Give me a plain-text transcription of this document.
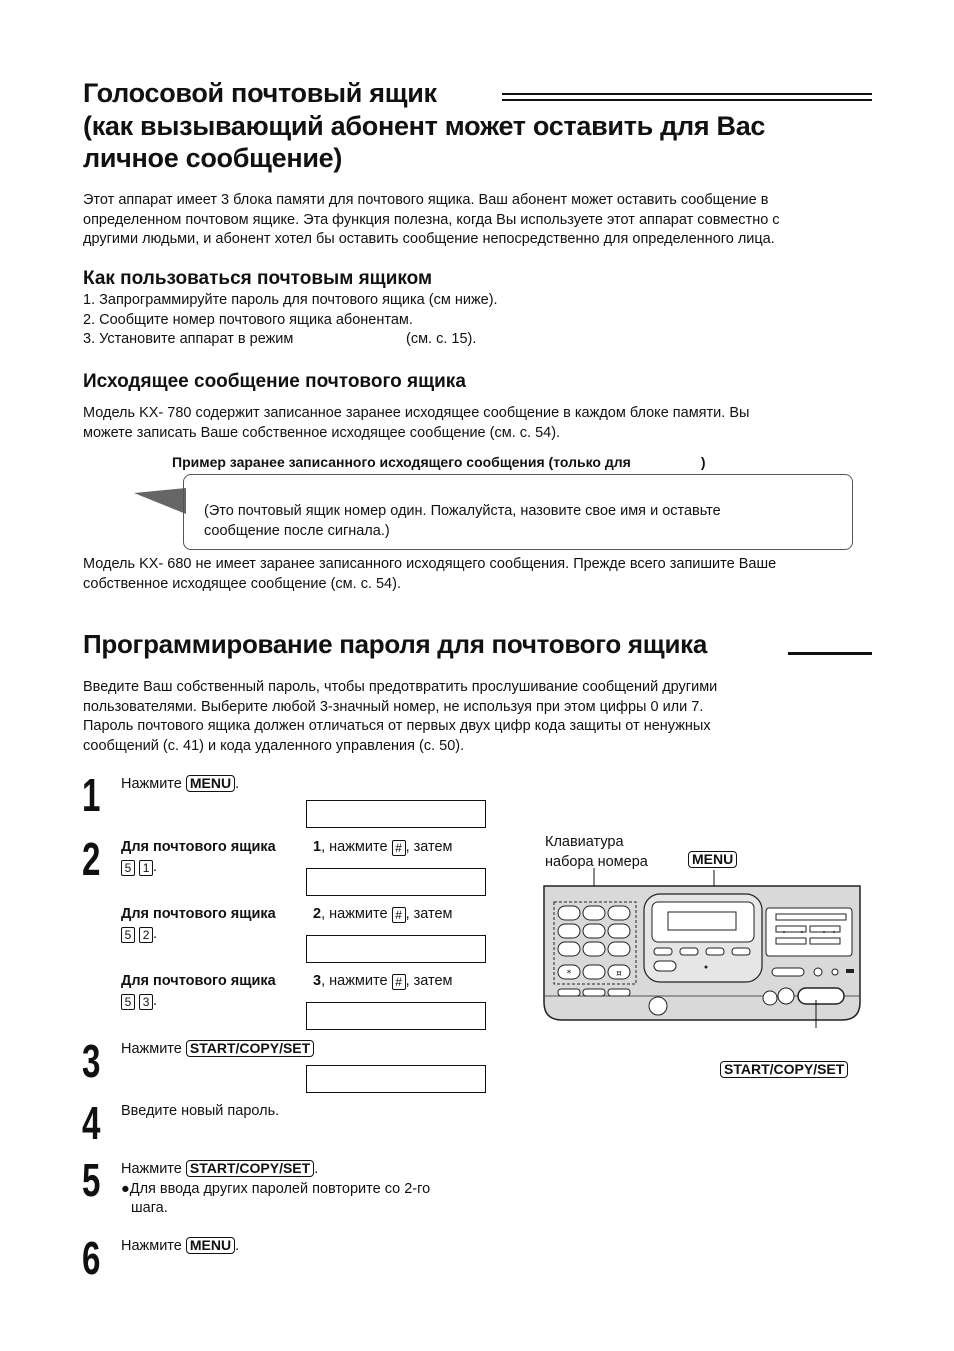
Голосовой почтовый ящик
(как вызывающий абонент может оставить для Вас
личное сообщение)
Этот аппарат имеет 3 блока памяти для почтового ящика. Ваш абонент может оставить сообщение в
определенном почтовом ящике. Эта функция полезна, когда Вы используете этот аппарат совместно с
другими людьми, и абонент хотел бы оставить сообщение непосредственно для определенного лица.
Как пользоваться почтовым ящиком
1. Запрограммируйте пароль для почтового ящика (см ниже).
2. Сообщите номер почтового ящика абонентам.
3. Установите аппарат в режим	(см. с. 15).
Исходящее сообщение почтового ящика
Модель KX- 780 содержит записанное заранее исходящее сообщение в каждом блоке памяти. Вы
можете записать Ваше собственное исходящее сообщение (см. с. 54).
Пример заранее записанного исходящего сообщения (только для	)
(Это почтовый ящик номер один. Пожалуйста, назовите свое имя и оставьте
сообщение после сигнала.)
Модель KX- 680 не имеет заранее записанного исходящего сообщения. Прежде всего запишите Ваше
собственное исходящее сообщение (см. с. 54).
Программирование пароля для почтового ящика
Введите Ваш собственный пароль, чтобы предотвратить прослушивание сообщений другими
пользователями. Выберите любой 3-значный номер, не используя при этом цифры 0 или 7.
Пароль почтового ящика должен отличаться от первых двух цифр кода защиты от ненужных
сообщений (с. 41) и кода удаленного управления (с. 50).
1 Нажмите MENU .
2 Для почтового ящика	1, нажмите # , затем
5 1 .
Для почтового ящика	2, нажмите # , затем
5 2 .
Для почтового ящика	3, нажмите # , затем
5 3 .
3 Нажмите START/COPY/SET
4 Введите новый пароль.
5 Нажмите START/COPY/SET .
●Для ввода других паролей повторите со 2-го
шага.
6 Нажмите MENU .
Клавиатура
набора номера	MENU
*	¤
START/COPY/SET
